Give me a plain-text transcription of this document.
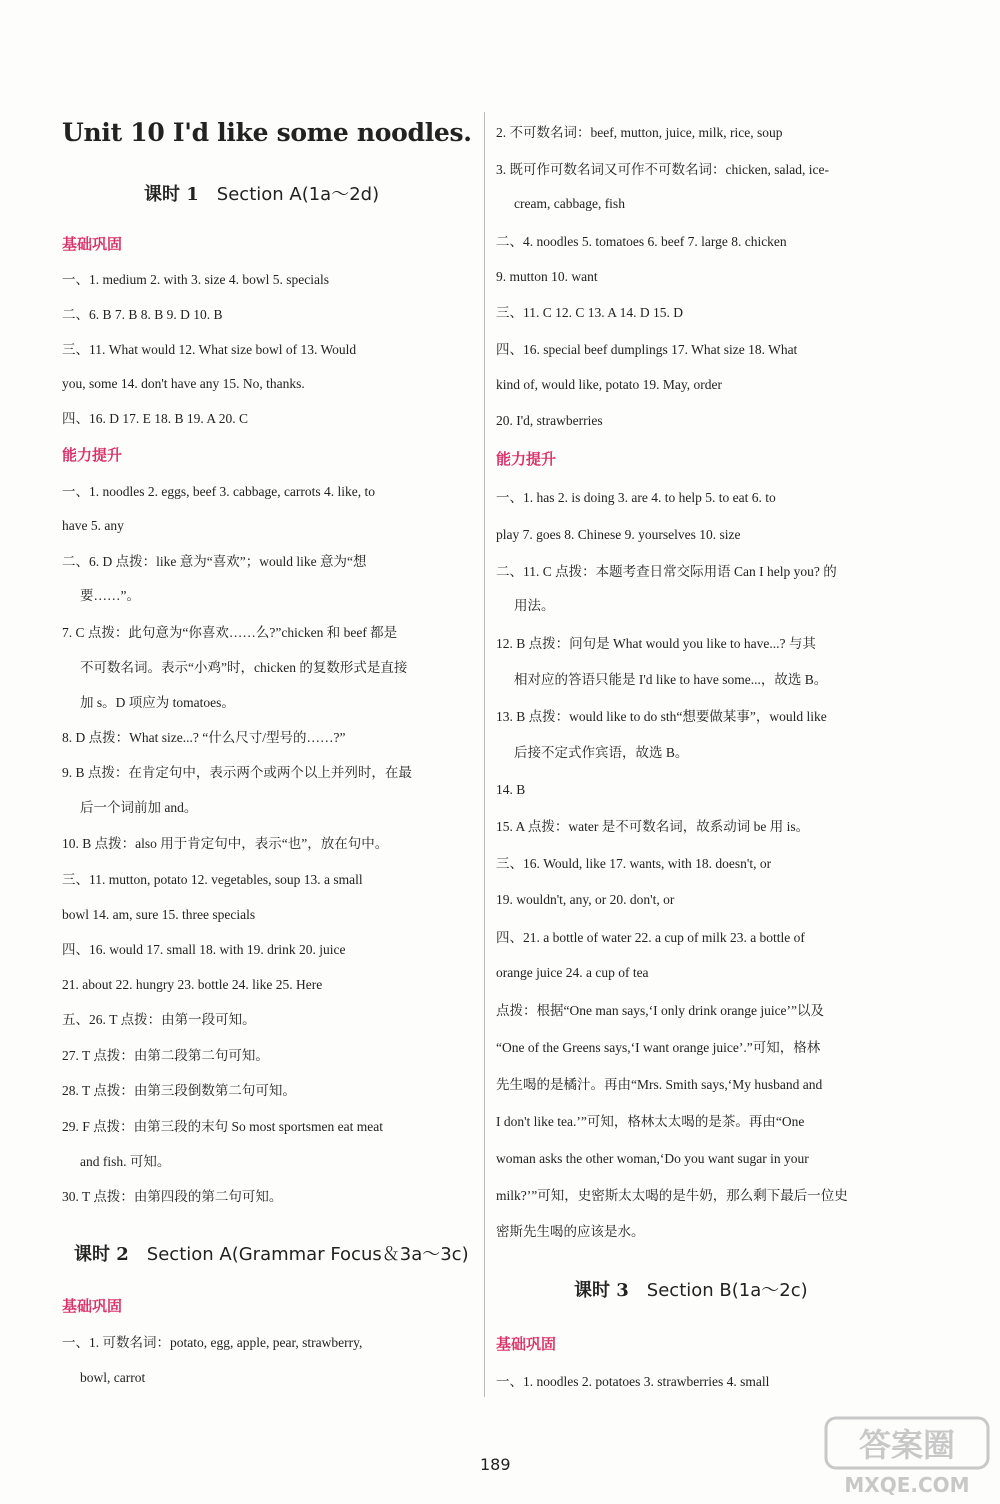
Unit 10 I'd like some noodles.
课时 1 Section A(1a～2d)
基础巩固
一、1. medium 2. with 3. size 4. bowl 5. specials
二、6. B 7. B 8. B 9. D 10. B
三、11. What would 12. What size bowl of 13. Would
you, some 14. don't have any 15. No, thanks.
四、16. D 17. E 18. B 19. A 20. C
能力提升
一、1. noodles 2. eggs, beef 3. cabbage, carrots 4. like, to
have 5. any
二、6. D 点拨：like 意为“喜欢”；would like 意为“想
要……”。
7. C 点拨：此句意为“你喜欢……么?”chicken 和 beef 都是
不可数名词。表示“小鸡”时，chicken 的复数形式是直接
加 s。D 项应为 tomatoes。
8. D 点拨：What size...? “什么尺寸/型号的……?”
9. B 点拨：在肯定句中，表示两个或两个以上并列时，在最
后一个词前加 and。
10. B 点拨：also 用于肯定句中，表示“也”，放在句中。
三、11. mutton, potato 12. vegetables, soup 13. a small
bowl 14. am, sure 15. three specials
四、16. would 17. small 18. with 19. drink 20. juice
21. about 22. hungry 23. bottle 24. like 25. Here
五、26. T 点拨：由第一段可知。
27. T 点拨：由第二段第二句可知。
28. T 点拨：由第三段倒数第二句可知。
29. F 点拨：由第三段的末句 So most sportsmen eat meat
and fish. 可知。
30. T 点拨：由第四段的第二句可知。
课时 2 Section A(Grammar Focus＆3a～3c)
基础巩固
一、1. 可数名词：potato, egg, apple, pear, strawberry,
bowl, carrot
2. 不可数名词：beef, mutton, juice, milk, rice, soup
3. 既可作可数名词又可作不可数名词：chicken, salad, ice-
cream, cabbage, fish
二、4. noodles 5. tomatoes 6. beef 7. large 8. chicken
9. mutton 10. want
三、11. C 12. C 13. A 14. D 15. D
四、16. special beef dumplings 17. What size 18. What
kind of, would like, potato 19. May, order
20. I'd, strawberries
能力提升
一、1. has 2. is doing 3. are 4. to help 5. to eat 6. to
play 7. goes 8. Chinese 9. yourselves 10. size
二、11. C 点拨：本题考查日常交际用语 Can I help you? 的
用法。
12. B 点拨：问句是 What would you like to have...? 与其
相对应的答语只能是 I'd like to have some...，故选 B。
13. B 点拨：would like to do sth“想要做某事”，would like
后接不定式作宾语，故选 B。
14. B
15. A 点拨：water 是不可数名词，故系动词 be 用 is。
三、16. Would, like 17. wants, with 18. doesn't, or
19. wouldn't, any, or 20. don't, or
四、21. a bottle of water 22. a cup of milk 23. a bottle of
orange juice 24. a cup of tea
点拨：根据“One man says,‘I only drink orange juice’”以及
“One of the Greens says,‘I want orange juice’.”可知，格林
先生喝的是橘汁。再由“Mrs. Smith says,‘My husband and
I don't like tea.’”可知，格林太太喝的是茶。再由“One
woman asks the other woman,‘Do you want sugar in your
milk?’”可知，史密斯太太喝的是牛奶，那么剩下最后一位史
密斯先生喝的应该是水。
课时 3 Section B(1a～2c)
基础巩固
一、1. noodles 2. potatoes 3. strawberries 4. small
189
答案圈
MXQE.COM
